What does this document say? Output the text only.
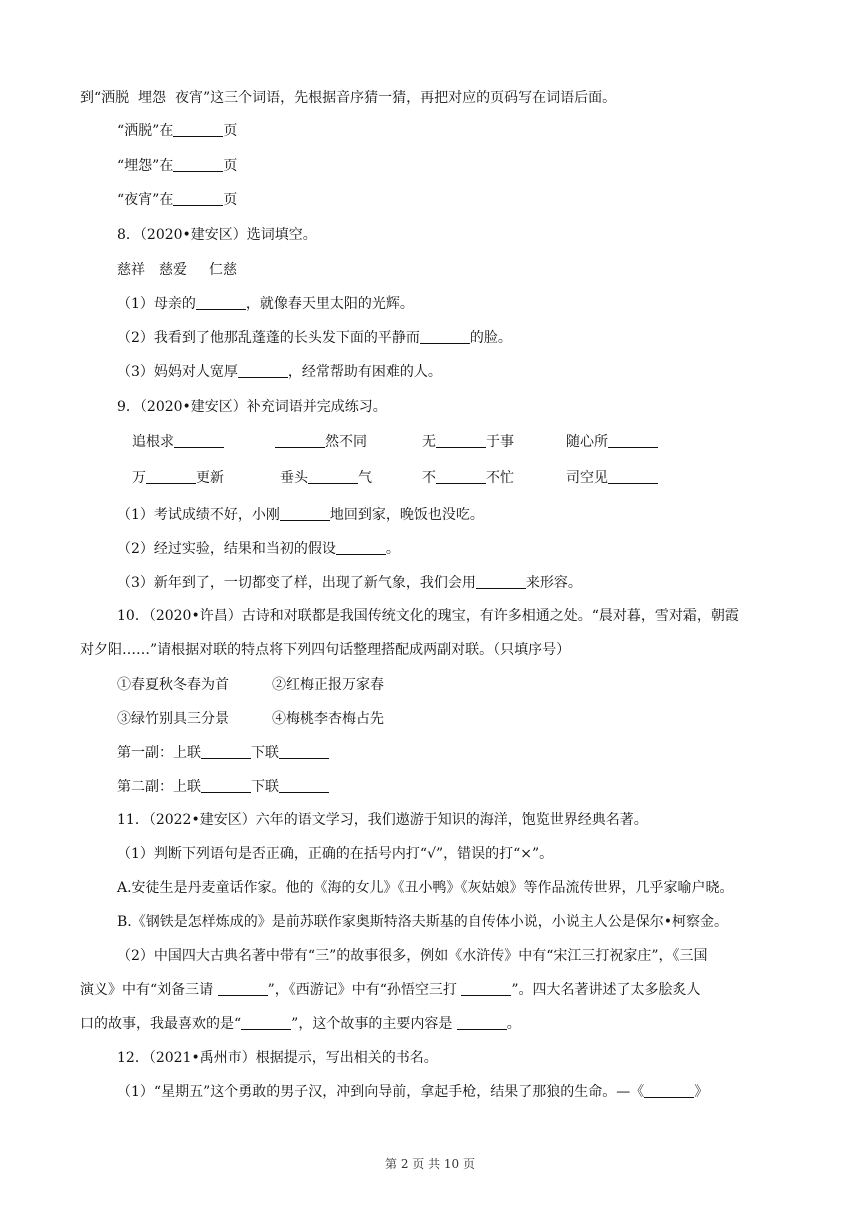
到“洒脱  埋怨  夜宵”这三个词语，先根据音序猜一猜，再把对应的页码写在词语后面。
“洒脱”在	页
“埋怨”在	页
“夜宵”在	页
8．（2020•建安区）选词填空。
慈祥 慈爱 仁慈
（1）母亲的	，就像春天里太阳的光辉。
（2）我看到了他那乱蓬蓬的长头发下面的平静而	的脸。
（3）妈妈对人宽厚	，经常帮助有困难的人。
9．（2020•建安区）补充词语并完成练习。
追根求	然不同	无	于事	随心所
万	更新	垂头	气	不	不忙	司空见
（1）考试成绩不好，小刚	地回到家，晚饭也没吃。
（2）经过实验，结果和当初的假设	。
（3）新年到了，一切都变了样，出现了新气象，我们会用	来形容。
10．（2020•许昌）古诗和对联都是我国传统文化的瑰宝，有许多相通之处。“晨对暮，雪对霜，朝霞
对夕阳……”请根据对联的特点将下列四句话整理搭配成两副对联。（只填序号）
①春夏秋冬春为首	②红梅正报万家春
③绿竹别具三分景	④梅桃李杏梅占先
第一副：上联	下联
第二副：上联	下联
11．（2022•建安区）六年的语文学习，我们遨游于知识的海洋，饱览世界经典名著。
（1）判断下列语句是否正确，正确的在括号内打“√”，错误的打“×”。
A.安徒生是丹麦童话作家。他的《海的女儿》《丑小鸭》《灰姑娘》等作品流传世界，几乎家喻户晓。
B.《钢铁是怎样炼成的》是前苏联作家奥斯特洛夫斯基的自传体小说，小说主人公是保尔•柯察金。
（2）中国四大古典名著中带有“三”的故事很多，例如《水浒传》中有“宋江三打祝家庄”，《三国
演义》中有“刘备三请	”，《西游记》中有“孙悟空三打	”。四大名著讲述了太多脍炙人
口的故事，我最喜欢的是“	”，这个故事的主要内容是	。
12．（2021•禹州市）根据提示，写出相关的书名。
（1）“星期五”这个勇敢的男子汉，冲到向导前，拿起手枪，结果了那狼的生命。—《	》
第 2 页 共 10 页
